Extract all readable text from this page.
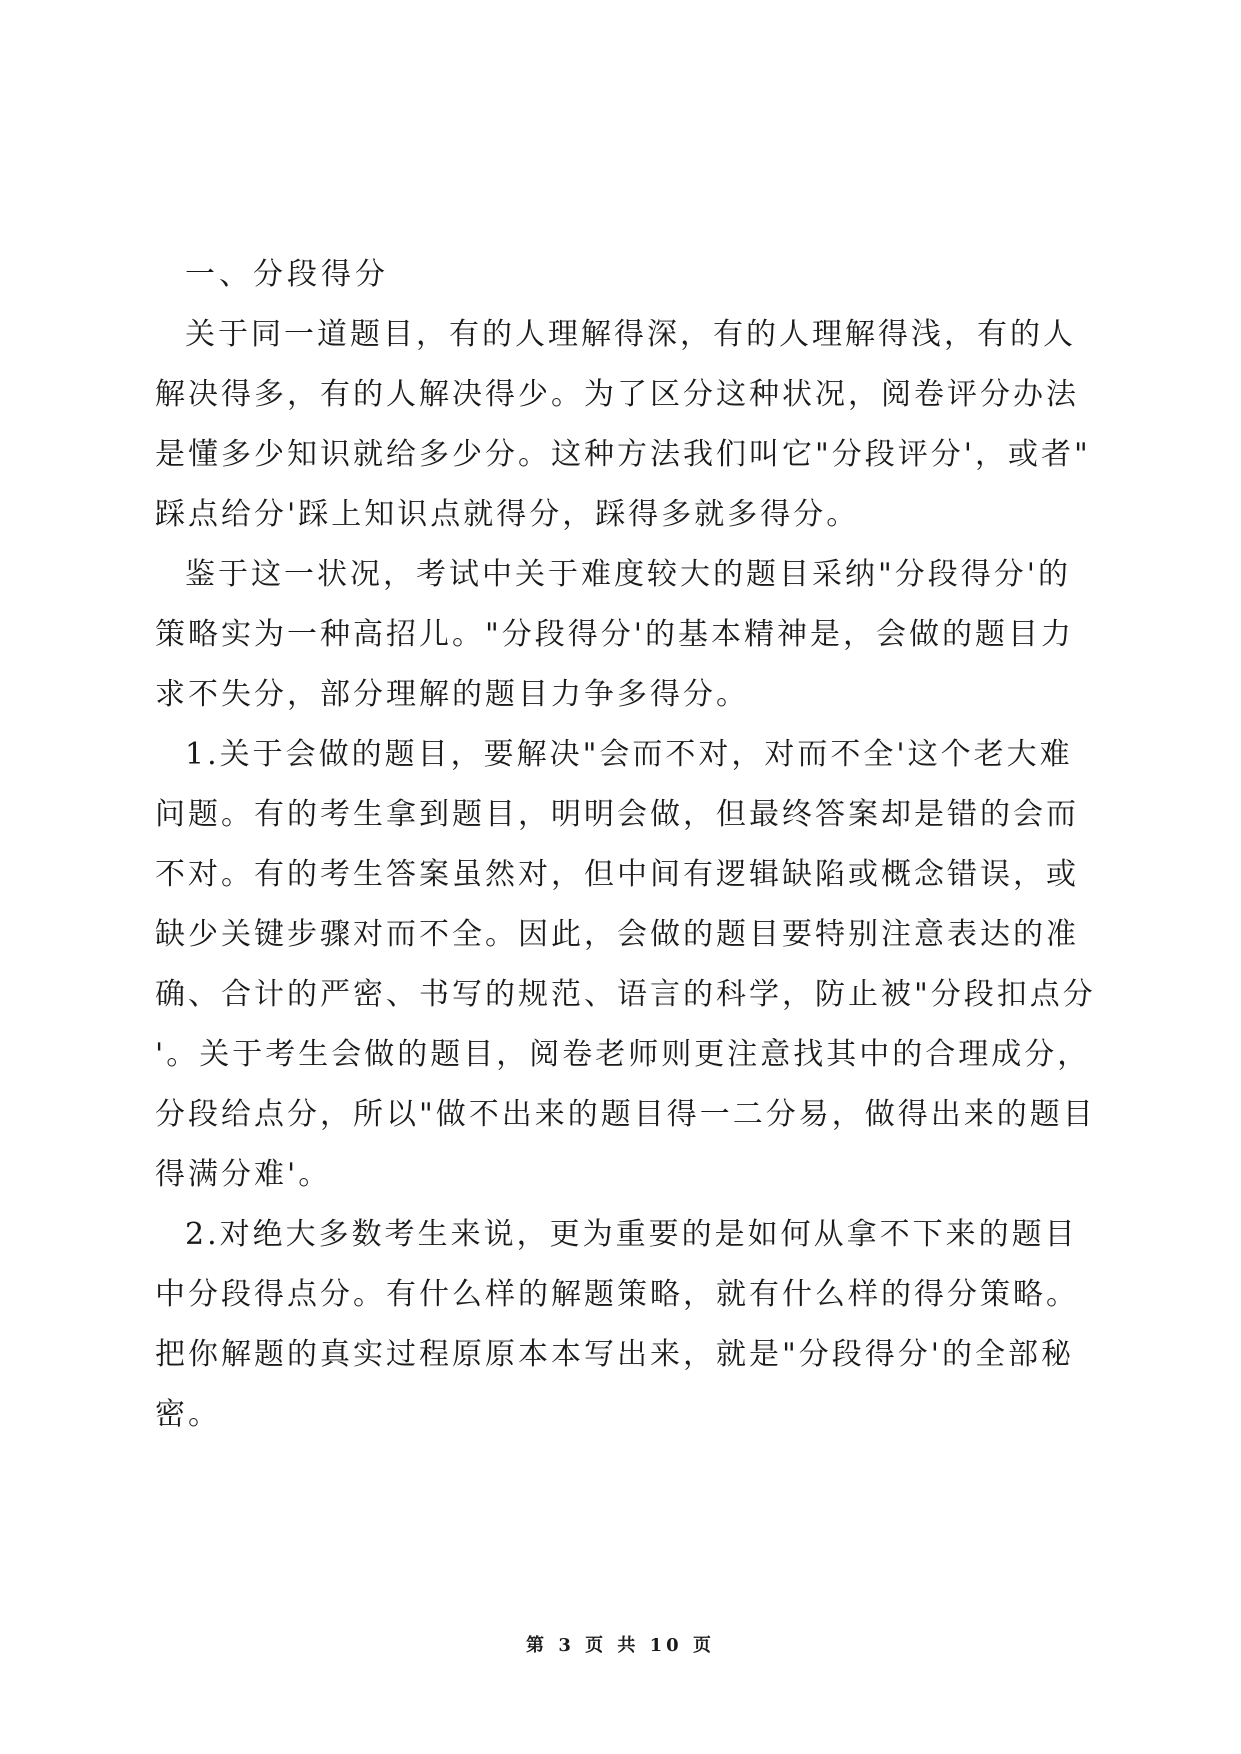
一、分段得分

关于同一道题目，有的人理解得深，有的人理解得浅，有的人
解决得多，有的人解决得少。为了区分这种状况，阅卷评分办法
是懂多少知识就给多少分。这种方法我们叫它"分段评分'，或者"
踩点给分'踩上知识点就得分，踩得多就多得分。

鉴于这一状况，考试中关于难度较大的题目采纳"分段得分'的
策略实为一种高招儿。"分段得分'的基本精神是，会做的题目力
求不失分，部分理解的题目力争多得分。

1.关于会做的题目，要解决"会而不对，对而不全'这个老大难
问题。有的考生拿到题目，明明会做，但最终答案却是错的会而
不对。有的考生答案虽然对，但中间有逻辑缺陷或概念错误，或
缺少关键步骤对而不全。因此，会做的题目要特别注意表达的准
确、合计的严密、书写的规范、语言的科学，防止被"分段扣点分
'。关于考生会做的题目，阅卷老师则更注意找其中的合理成分，
分段给点分，所以"做不出来的题目得一二分易，做得出来的题目
得满分难'。

2.对绝大多数考生来说，更为重要的是如何从拿不下来的题目
中分段得点分。有什么样的解题策略，就有什么样的得分策略。
把你解题的真实过程原原本本写出来，就是"分段得分'的全部秘
密。

第 3 页 共 10 页
